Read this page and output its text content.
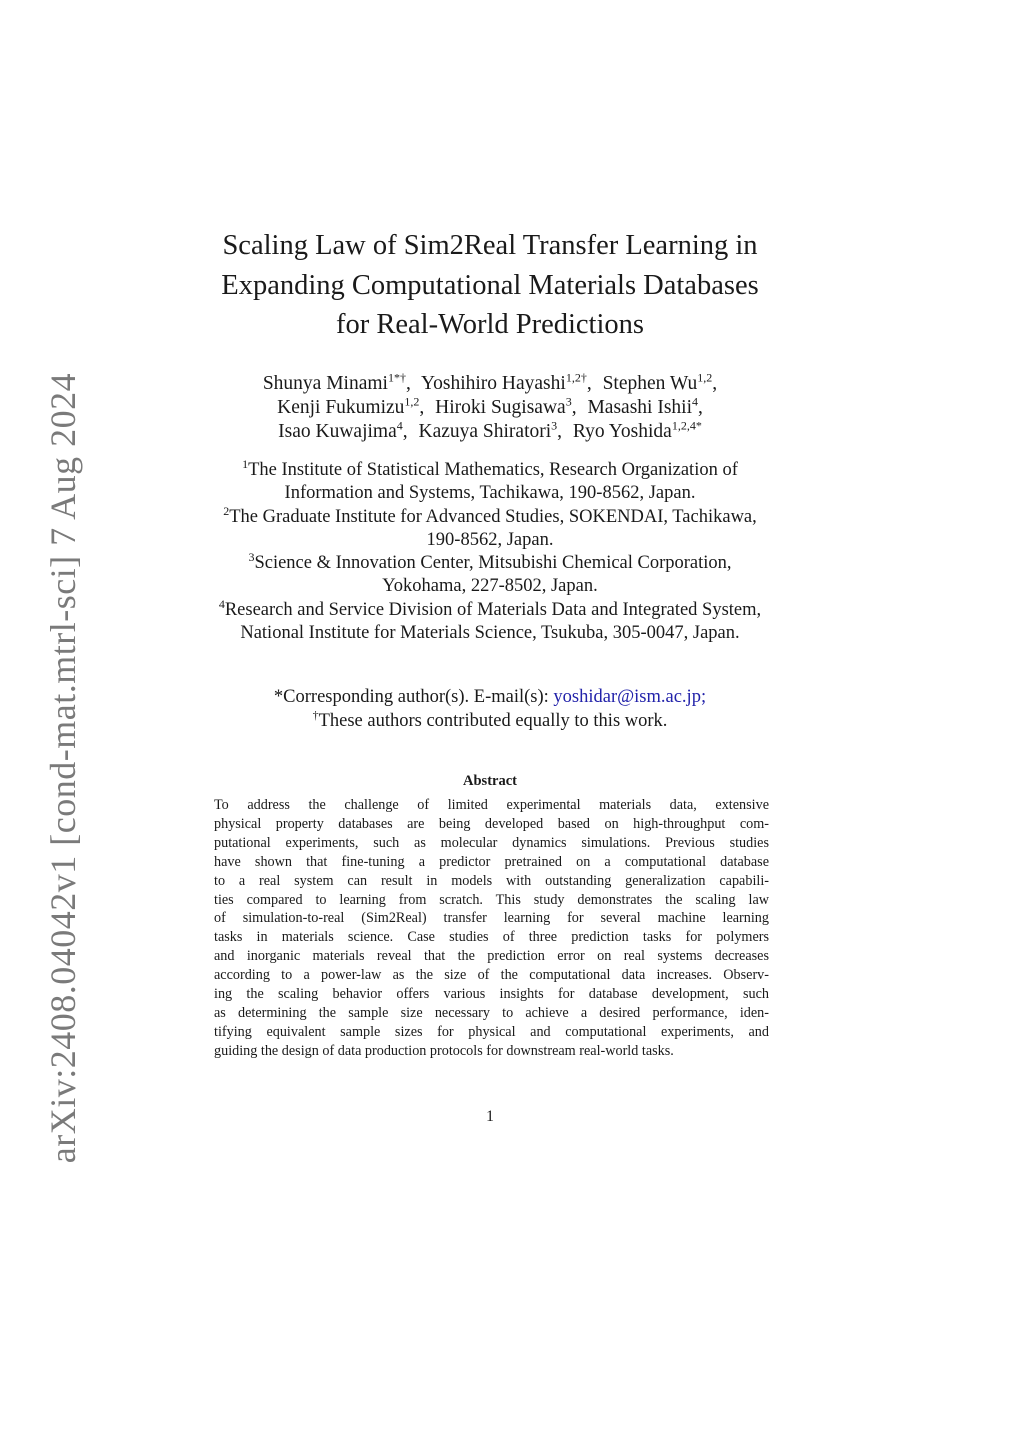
arXiv:2408.04042v1 [cond-mat.mtrl-sci] 7 Aug 2024
Scaling Law of Sim2Real Transfer Learning in
Expanding Computational Materials Databases
for Real-World Predictions
Shunya Minami$^{1*\dagger}$, Yoshihiro Hayashi$^{1,2\dagger}$, Stephen Wu$^{1,2}$,
Kenji Fukumizu$^{1,2}$, Hiroki Sugisawa$^3$, Masashi Ishii$^4$,
Isao Kuwajima$^4$, Kazuya Shiratori$^3$, Ryo Yoshida$^{1,2,4*}$
$^1$The Institute of Statistical Mathematics, Research Organization of
Information and Systems, Tachikawa, 190-8562, Japan.
$^2$The Graduate Institute for Advanced Studies, SOKENDAI, Tachikawa,
190-8562, Japan.
$^3$Science & Innovation Center, Mitsubishi Chemical Corporation,
Yokohama, 227-8502, Japan.
$^4$Research and Service Division of Materials Data and Integrated System,
National Institute for Materials Science, Tsukuba, 305-0047, Japan.
*Corresponding author(s). E-mail(s): yoshidar@ism.ac.jp;
†These authors contributed equally to this work.
Abstract
To address the challenge of limited experimental materials data, extensive
physical property databases are being developed based on high-throughput com-
putational experiments, such as molecular dynamics simulations. Previous studies
have shown that fine-tuning a predictor pretrained on a computational database
to a real system can result in models with outstanding generalization capabili-
ties compared to learning from scratch. This study demonstrates the scaling law
of simulation-to-real (Sim2Real) transfer learning for several machine learning
tasks in materials science. Case studies of three prediction tasks for polymers
and inorganic materials reveal that the prediction error on real systems decreases
according to a power-law as the size of the computational data increases. Observ-
ing the scaling behavior offers various insights for database development, such
as determining the sample size necessary to achieve a desired performance, iden-
tifying equivalent sample sizes for physical and computational experiments, and
guiding the design of data production protocols for downstream real-world tasks.
1
